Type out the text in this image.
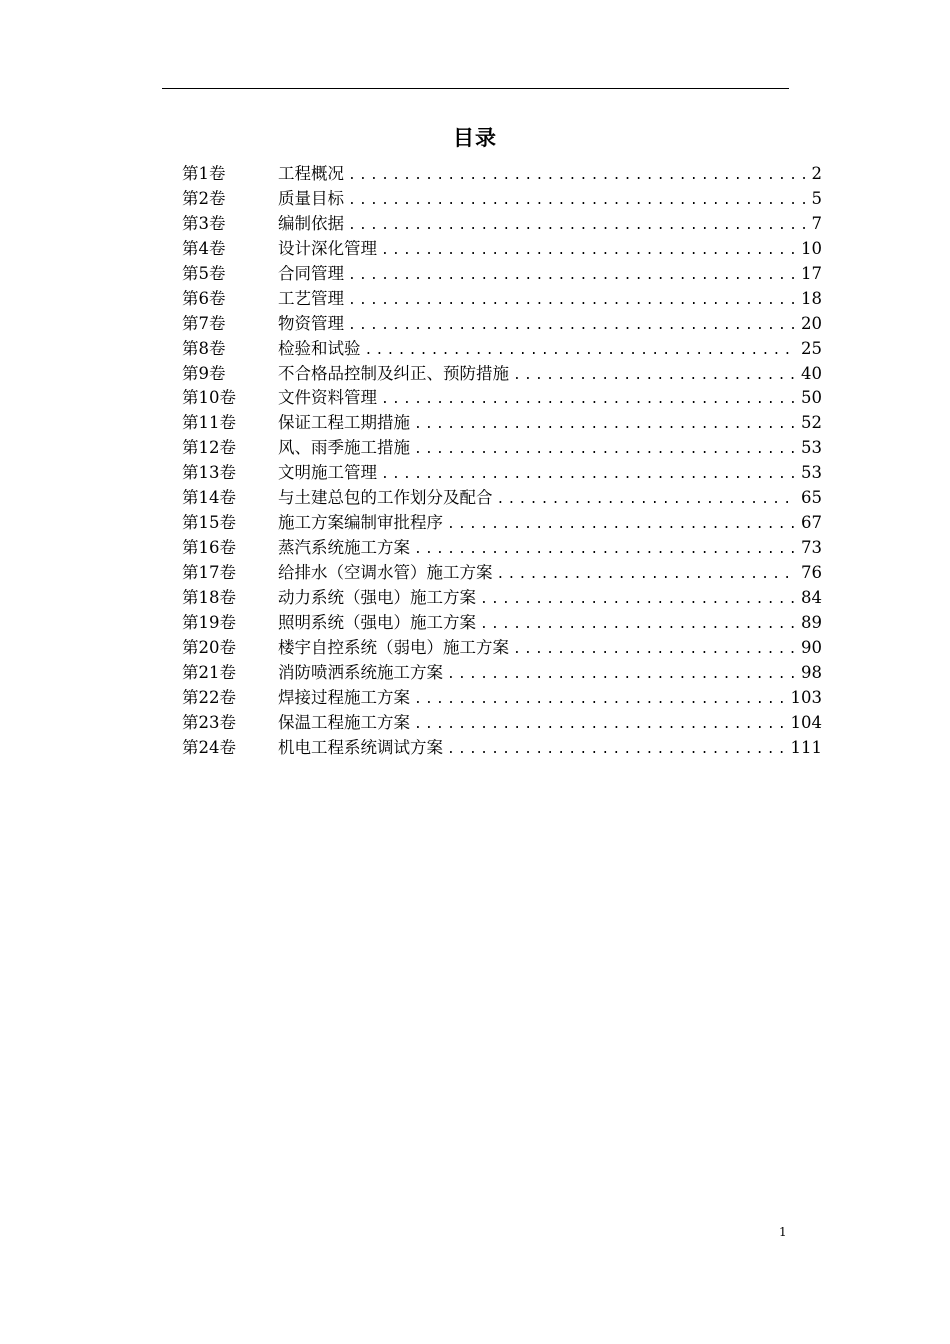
目录
第1卷	工程概况 .....	2
第2卷	质量目标 .....	5
第3卷	编制依据 .....	7
第4卷	设计深化管理 .....	10
第5卷	合同管理 .....	17
第6卷	工艺管理 .....	18
第7卷	物资管理 .....	20
第8卷	检验和试验 .....	25
第9卷	不合格品控制及纠正、预防措施 .....	40
第10卷	文件资料管理 .....	50
第11卷	保证工程工期措施 .....	52
第12卷	风、雨季施工措施 .....	53
第13卷	文明施工管理 .....	53
第14卷	与土建总包的工作划分及配合 .....	65
第15卷	施工方案编制审批程序 .....	67
第16卷	蒸汽系统施工方案 .....	73
第17卷	给排水（空调水管）施工方案 .....	76
第18卷	动力系统（强电）施工方案 .....	84
第19卷	照明系统（强电）施工方案 .....	89
第20卷	楼宇自控系统（弱电）施工方案 .....	90
第21卷	消防喷洒系统施工方案 .....	98
第22卷	焊接过程施工方案 .....	103
第23卷	保温工程施工方案 .....	104
第24卷	机电工程系统调试方案 .....	111
1
